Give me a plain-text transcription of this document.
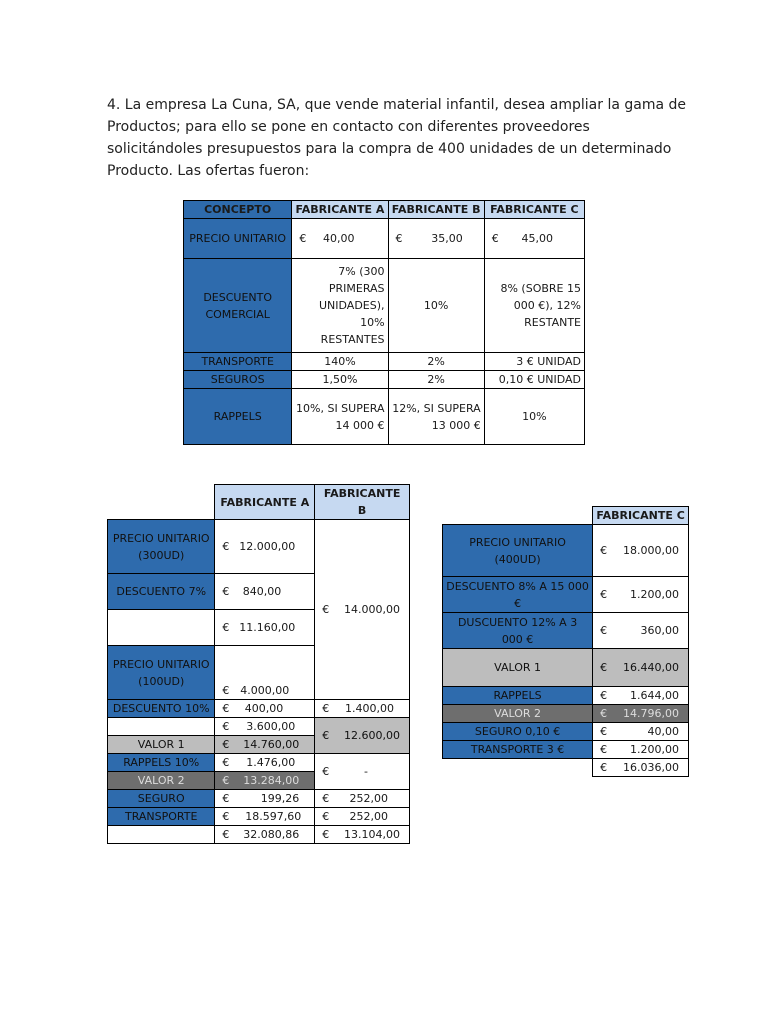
4. La empresa La Cuna, SA, que vende material infantil, desea ampliar la gama de
Productos; para ello se pone en contacto con diferentes proveedores
solicitándoles presupuestos para la compra de 400 unidades de un determinado
Producto. Las ofertas fueron:
CONCEPTO	FABRICANTE A	FABRICANTE B	FABRICANTE C
PRECIO UNITARIO	€ 40,00	€ 35,00	€ 45,00

DESCUENTO COMERCIAL	7% (300 PRIMERAS UNIDADES), 10% RESTANTES	10%	8% (SOBRE 15 000 €), 12% RESTANTE
TRANSPORTE	140%	2%	3 € UNIDAD
SEGUROS	1,50%	2%	0,10 € UNIDAD
RAPPELS	10%, SI SUPERA 14 000 €	12%, SI SUPERA 13 000 €	10%
	FABRICANTE A	FABRICANTE B
PRECIO UNITARIO (300UD)	€ 12.000,00	€ 14.000,00

DESCUENTO 7%	€ 840,00	

	€ 11.160,00	

PRECIO UNITARIO (100UD)	€ 4.000,00	

DESCUENTO 10%	€ 400,00	€ 1.400,00

	€ 3.600,00	€ 12.600,00

VALOR 1	€ 14.760,00	

RAPPELS 10%	€ 1.476,00	€ -

VALOR 2	€ 13.284,00	

SEGURO	€ 199,26	€ 252,00

TRANSPORTE	€ 18.597,60	€ 252,00

	€ 32.080,86	€ 13.104,00
	FABRICANTE C
PRECIO UNITARIO (400UD)	€ 18.000,00

DESCUENTO 8% A 15 000 €	€ 1.200,00

DUSCUENTO 12% A 3 000 €	€ 360,00

VALOR 1	€ 16.440,00

RAPPELS	€ 1.644,00

VALOR 2	€ 14.796,00

SEGURO 0,10 €	€ 40,00

TRANSPORTE 3 €	€ 1.200,00

	€ 16.036,00
